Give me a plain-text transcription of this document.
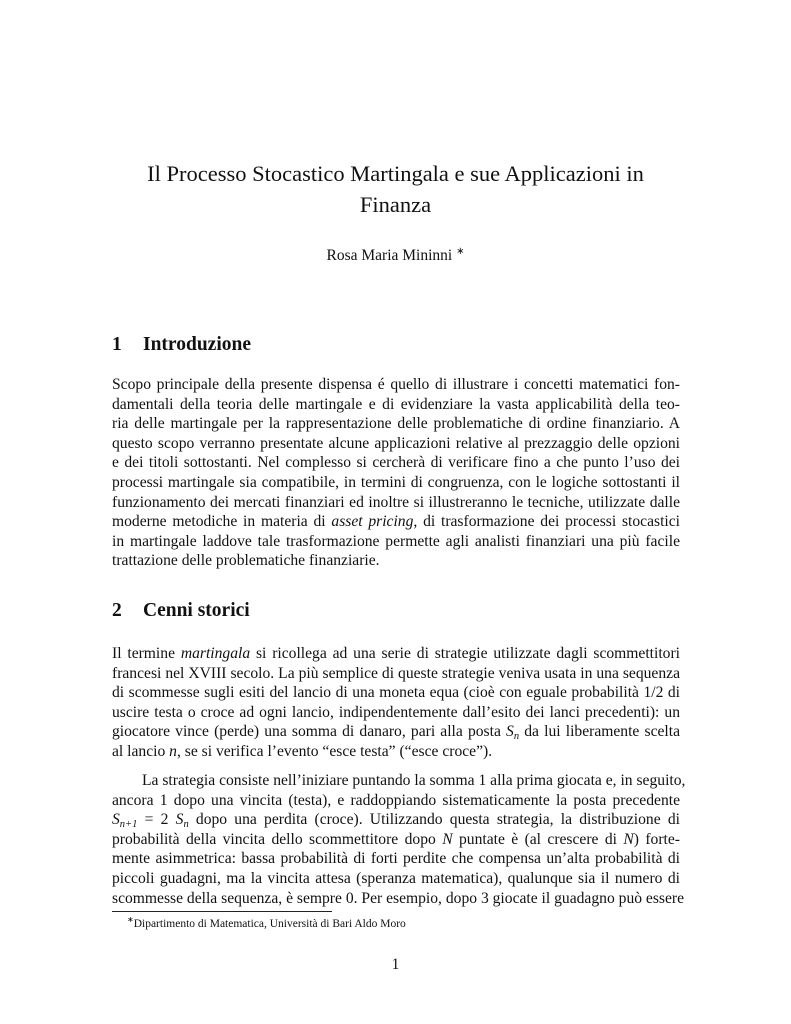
Il Processo Stocastico Martingala e sue Applicazioni in
Finanza
Rosa Maria Mininni ∗
1 Introduzione
Scopo principale della presente dispensa é quello di illustrare i concetti matematici fon-
damentali della teoria delle martingale e di evidenziare la vasta applicabilità della teo-
ria delle martingale per la rappresentazione delle problematiche di ordine finanziario. A
questo scopo verranno presentate alcune applicazioni relative al prezzaggio delle opzioni
e dei titoli sottostanti. Nel complesso si cercherà di verificare fino a che punto l’uso dei
processi martingale sia compatibile, in termini di congruenza, con le logiche sottostanti il
funzionamento dei mercati finanziari ed inoltre si illustreranno le tecniche, utilizzate dalle
moderne metodiche in materia di asset pricing, di trasformazione dei processi stocastici
in martingale laddove tale trasformazione permette agli analisti finanziari una più facile
trattazione delle problematiche finanziarie.
2 Cenni storici
Il termine martingala si ricollega ad una serie di strategie utilizzate dagli scommettitori
francesi nel XVIII secolo. La più semplice di queste strategie veniva usata in una sequenza
di scommesse sugli esiti del lancio di una moneta equa (cioè con eguale probabilità 1/2 di
uscire testa o croce ad ogni lancio, indipendentemente dall’esito dei lanci precedenti): un
giocatore vince (perde) una somma di danaro, pari alla posta $S_n$ da lui liberamente scelta
al lancio n, se si verifica l’evento “esce testa” (“esce croce”).
La strategia consiste nell’iniziare puntando la somma 1 alla prima giocata e, in seguito,
ancora 1 dopo una vincita (testa), e raddoppiando sistematicamente la posta precedente
$S_{n+1} = 2$ $S_n$ dopo una perdita (croce). Utilizzando questa strategia, la distribuzione di
probabilità della vincita dello scommettitore dopo N puntate è (al crescere di N) forte-
mente asimmetrica: bassa probabilità di forti perdite che compensa un’alta probabilità di
piccoli guadagni, ma la vincita attesa (speranza matematica), qualunque sia il numero di
scommesse della sequenza, è sempre 0. Per esempio, dopo 3 giocate il guadagno può essere
∗Dipartimento di Matematica, Università di Bari Aldo Moro
1
